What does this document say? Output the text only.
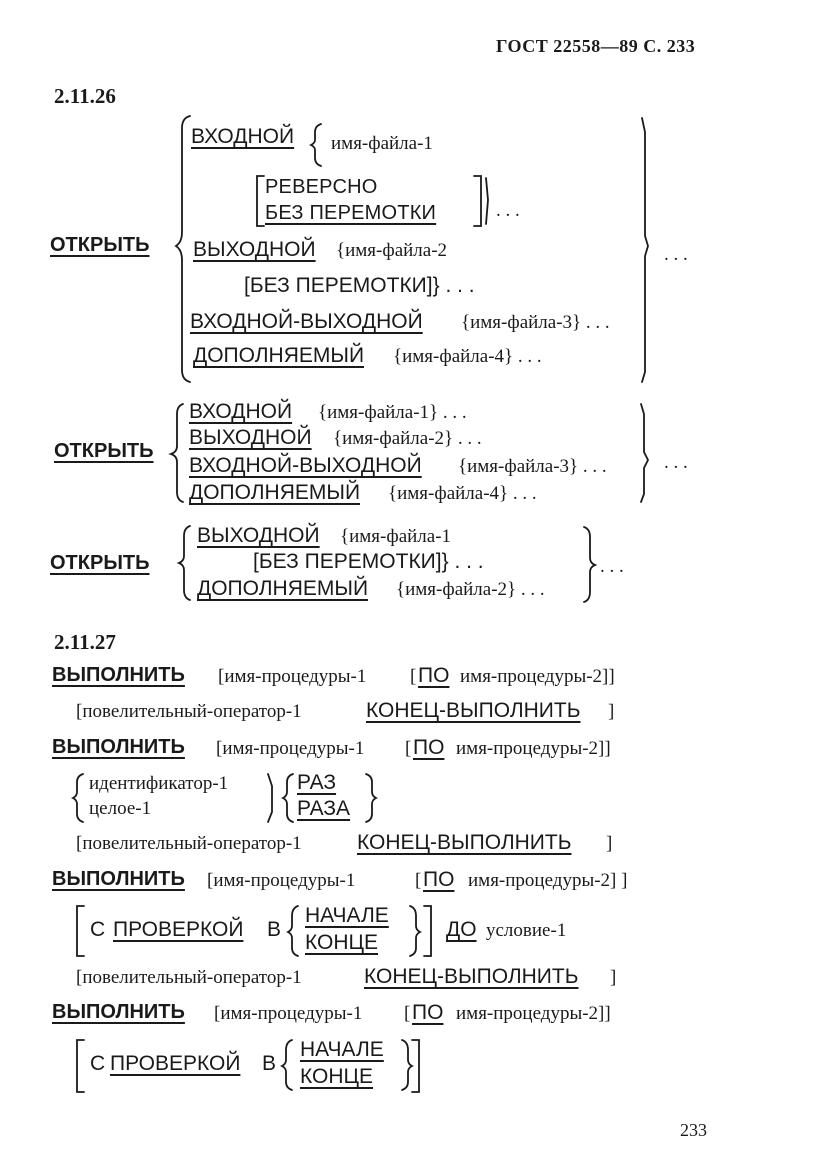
ГОСТ 22558—89 С. 233
2.11.26
ОТКРЫТЬ
ВХОДНОЙ имя-файла-1
РЕВЕРСНО
БЕЗ ПЕРЕМОТКИ	. . .
ВЫХОДНОЙ {имя-файла-2
[БЕЗ ПЕРЕМОТКИ]} . . .
ВХОДНОЙ-ВЫХОДНОЙ {имя-файла-3} . . .
ДОПОЛНЯЕМЫЙ {имя-файла-4} . . .
. . .
ОТКРЫТЬ
ВХОДНОЙ {имя-файла-1} . . .
ВЫХОДНОЙ {имя-файла-2} . . .
ВХОДНОЙ-ВЫХОДНОЙ {имя-файла-3} . . .
ДОПОЛНЯЕМЫЙ {имя-файла-4} . . .
. . .
ОТКРЫТЬ
ВЫХОДНОЙ {имя-файла-1
[БЕЗ ПЕРЕМОТКИ]} . . .
ДОПОЛНЯЕМЫЙ {имя-файла-2} . . .
. . .
2.11.27
ВЫПОЛНИТЬ [имя-процедуры-1 [ ПО имя-процедуры-2]]
[повелительный-оператор-1	КОНЕЦ-ВЫПОЛНИТЬ ]
ВЫПОЛНИТЬ [имя-процедуры-1 [ ПО имя-процедуры-2]]
идентификатор-1
целое-1
РАЗ
РАЗА
[повелительный-оператор-1	КОНЕЦ-ВЫПОЛНИТЬ ]
ВЫПОЛНИТЬ [имя-процедуры-1	[ ПО имя-процедуры-2] ]
С ПРОВЕРКОЙ В
НАЧАЛЕ
КОНЦЕ
ДО условие-1
[повелительный-оператор-1	КОНЕЦ-ВЫПОЛНИТЬ ]
ВЫПОЛНИТЬ [имя-процедуры-1 [ ПО имя-процедуры-2]]
С ПРОВЕРКОЙ В
НАЧАЛЕ
КОНЦЕ
233
